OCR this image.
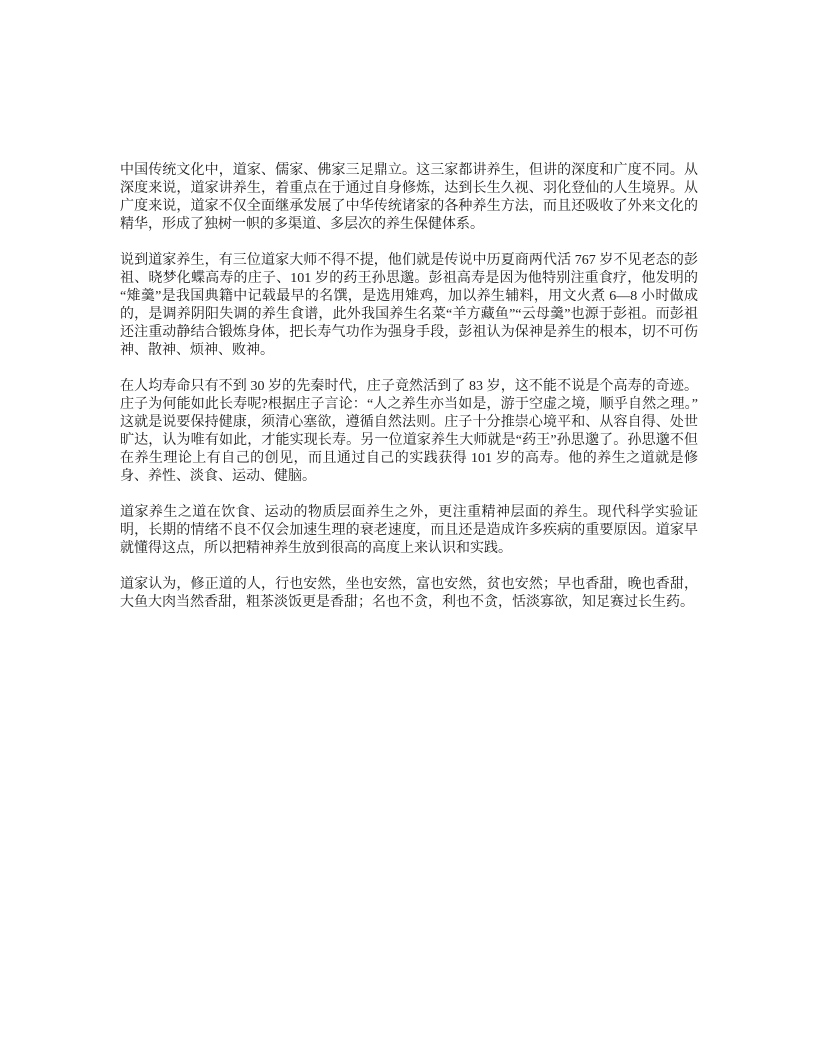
中国传统文化中，道家、儒家、佛家三足鼎立。这三家都讲养生，但讲的深度和广度不同。从深度来说，道家讲养生，着重点在于通过自身修炼，达到长生久视、羽化登仙的人生境界。从广度来说，道家不仅全面继承发展了中华传统诸家的各种养生方法，而且还吸收了外来文化的精华，形成了独树一帜的多渠道、多层次的养生保健体系。

说到道家养生，有三位道家大师不得不提，他们就是传说中历夏商两代活 767 岁不见老态的彭祖、晓梦化蝶高寿的庄子、101 岁的药王孙思邈。彭祖高寿是因为他特别注重食疗，他发明的“雉羹”是我国典籍中记载最早的名馔，是选用雉鸡，加以养生辅料，用文火煮 6—8 小时做成的，是调养阴阳失调的养生食谱，此外我国养生名菜“羊方藏鱼”“云母羹”也源于彭祖。而彭祖还注重动静结合锻炼身体，把长寿气功作为强身手段，彭祖认为保神是养生的根本，切不可伤神、散神、烦神、败神。

在人均寿命只有不到 30 岁的先秦时代，庄子竟然活到了 83 岁，这不能不说是个高寿的奇迹。庄子为何能如此长寿呢?根据庄子言论：“人之养生亦当如是，游于空虚之境，顺乎自然之理。”这就是说要保持健康，须清心塞欲，遵循自然法则。庄子十分推崇心境平和、从容自得、处世旷达，认为唯有如此，才能实现长寿。另一位道家养生大师就是“药王”孙思邈了。孙思邈不但在养生理论上有自己的创见，而且通过自己的实践获得 101 岁的高寿。他的养生之道就是修身、养性、淡食、运动、健脑。

道家养生之道在饮食、运动的物质层面养生之外，更注重精神层面的养生。现代科学实验证明，长期的情绪不良不仅会加速生理的衰老速度，而且还是造成许多疾病的重要原因。道家早就懂得这点，所以把精神养生放到很高的高度上来认识和实践。

道家认为，修正道的人，行也安然，坐也安然，富也安然，贫也安然；早也香甜，晚也香甜，大鱼大肉当然香甜，粗茶淡饭更是香甜；名也不贪，利也不贪，恬淡寡欲，知足赛过长生药。
